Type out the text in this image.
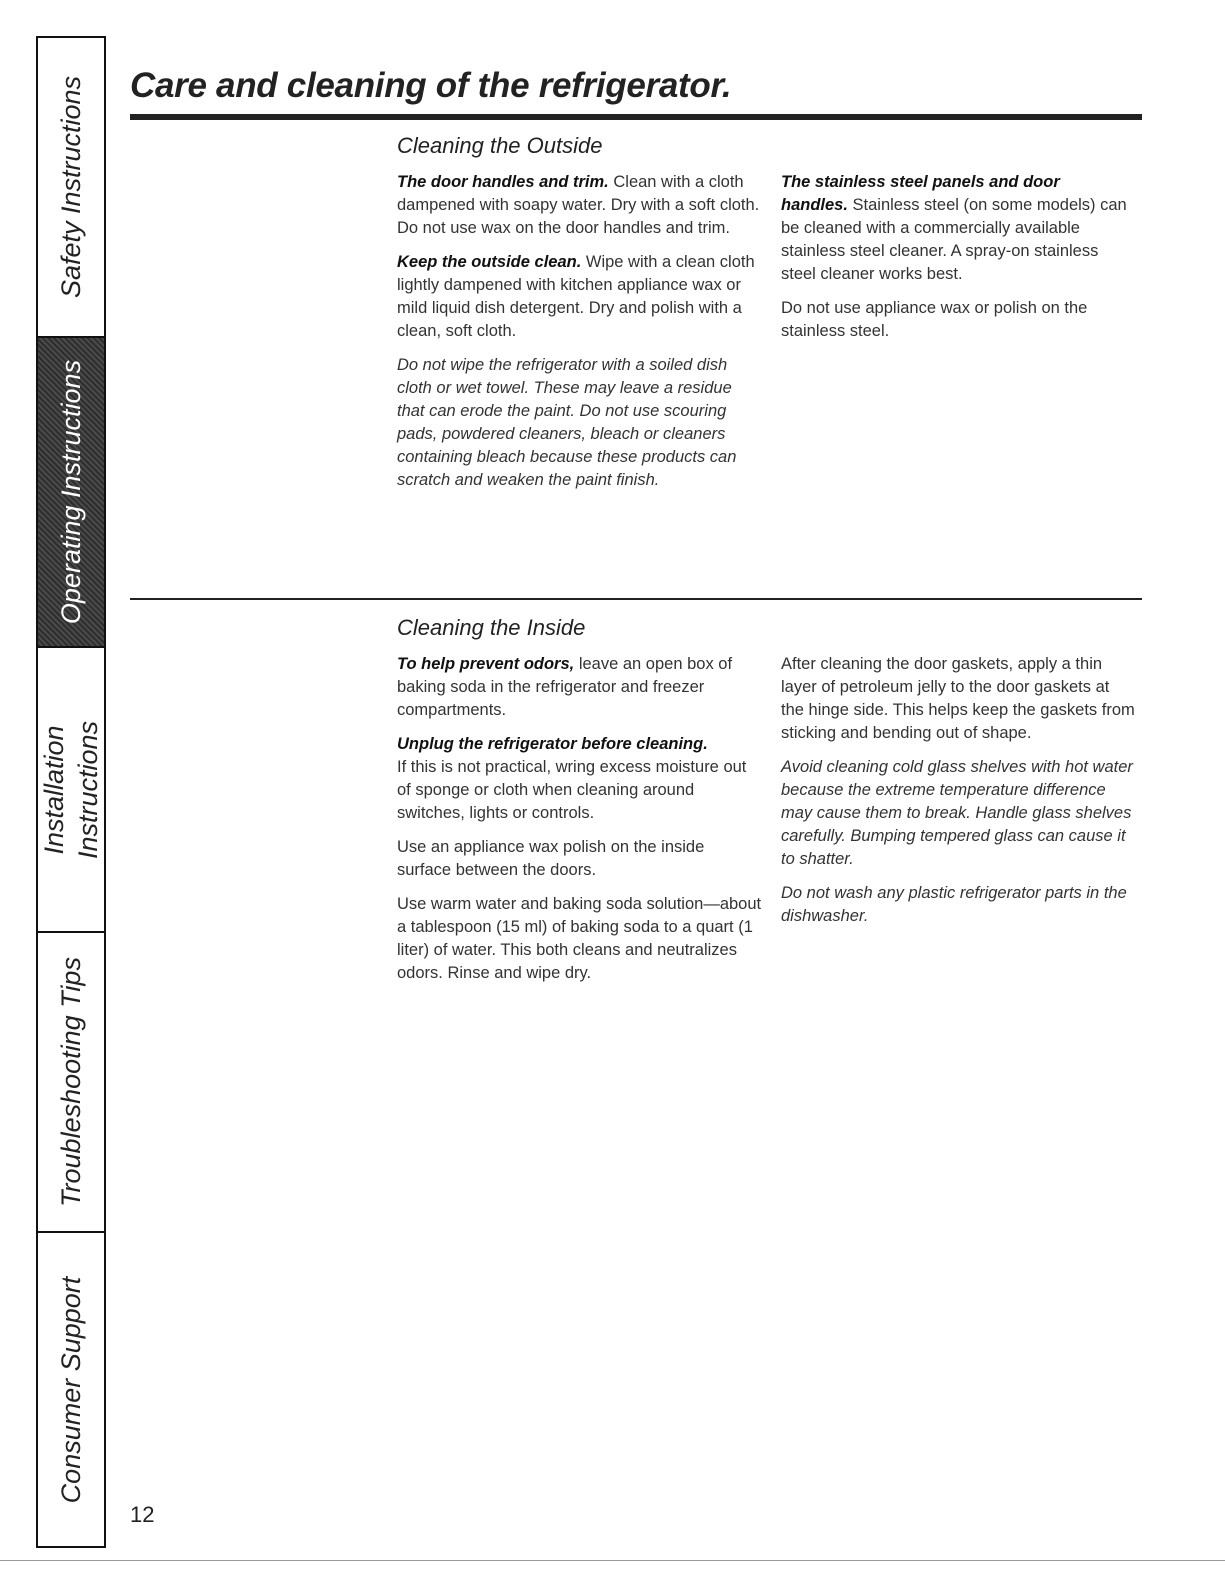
Safety Instructions
Operating Instructions
Installation Instructions
Troubleshooting Tips
Consumer Support
Care and cleaning of the refrigerator.
Cleaning the Outside

The door handles and trim. Clean with a cloth dampened with soapy water. Dry with a soft cloth. Do not use wax on the door handles and trim.

Keep the outside clean. Wipe with a clean cloth lightly dampened with kitchen appliance wax or mild liquid dish detergent. Dry and polish with a clean, soft cloth.

Do not wipe the refrigerator with a soiled dish cloth or wet towel. These may leave a residue that can erode the paint. Do not use scouring pads, powdered cleaners, bleach or cleaners containing bleach because these products can scratch and weaken the paint finish.

The stainless steel panels and door handles. Stainless steel (on some models) can be cleaned with a commercially available stainless steel cleaner. A spray-on stainless steel cleaner works best.

Do not use appliance wax or polish on the stainless steel.

Cleaning the Inside

To help prevent odors, leave an open box of baking soda in the refrigerator and freezer compartments.

Unplug the refrigerator before cleaning.
If this is not practical, wring excess moisture out of sponge or cloth when cleaning around switches, lights or controls.

Use an appliance wax polish on the inside surface between the doors.

Use warm water and baking soda solution—about a tablespoon (15 ml) of baking soda to a quart (1 liter) of water. This both cleans and neutralizes odors. Rinse and wipe dry.

After cleaning the door gaskets, apply a thin layer of petroleum jelly to the door gaskets at the hinge side. This helps keep the gaskets from sticking and bending out of shape.

Avoid cleaning cold glass shelves with hot water because the extreme temperature difference may cause them to break. Handle glass shelves carefully. Bumping tempered glass can cause it to shatter.

Do not wash any plastic refrigerator parts in the dishwasher.

12
